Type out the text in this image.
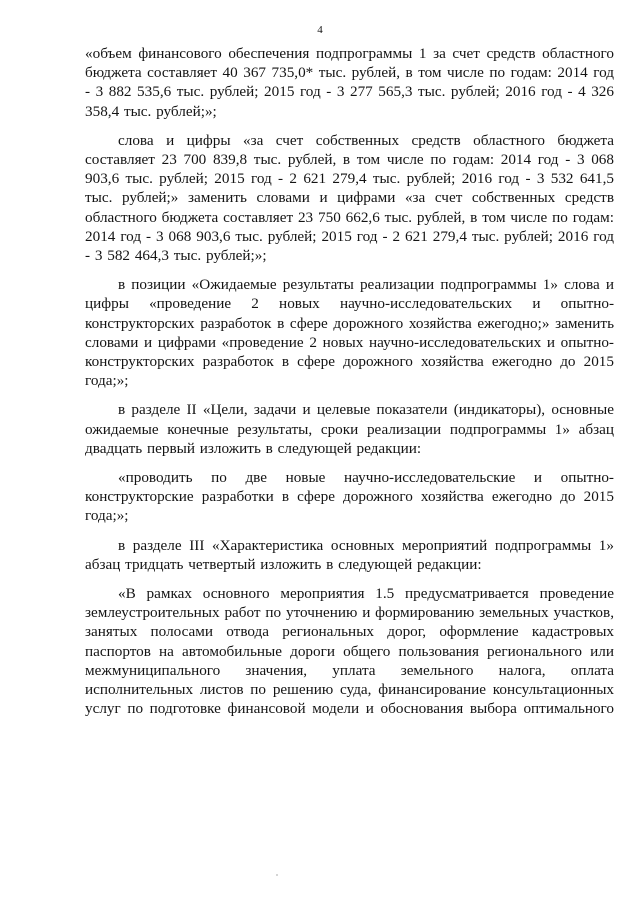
4

«объем финансового обеспечения подпрограммы 1 за счет средств областного бюджета составляет 40 367 735,0* тыс. рублей, в том числе по годам: 2014 год - 3 882 535,6 тыс. рублей; 2015 год - 3 277 565,3 тыс. рублей; 2016 год - 4 326 358,4 тыс. рублей;»;

слова и цифры «за счет собственных средств областного бюджета составляет 23 700 839,8 тыс. рублей, в том числе по годам: 2014 год - 3 068 903,6 тыс. рублей; 2015 год - 2 621 279,4 тыс. рублей; 2016 год - 3 532 641,5 тыс. рублей;» заменить словами и цифрами «за счет собственных средств областного бюджета составляет 23 750 662,6 тыс. рублей, в том числе по годам: 2014 год - 3 068 903,6 тыс. рублей; 2015 год - 2 621 279,4 тыс. рублей; 2016 год - 3 582 464,3 тыс. рублей;»;

в позиции «Ожидаемые результаты реализации подпрограммы 1» слова и цифры «проведение 2 новых научно-исследовательских и опытно-конструкторских разработок в сфере дорожного хозяйства ежегодно;» заменить словами и цифрами «проведение 2 новых научно-исследовательских и опытно-конструкторских разработок в сфере дорожного хозяйства ежегодно до 2015 года;»;

в разделе II «Цели, задачи и целевые показатели (индикаторы), основные ожидаемые конечные результаты, сроки реализации подпрограммы 1» абзац двадцать первый изложить в следующей редакции:

«проводить по две новые научно-исследовательские и опытно-конструкторские разработки в сфере дорожного хозяйства ежегодно до 2015 года;»;

в разделе III «Характеристика основных мероприятий подпрограммы 1» абзац тридцать четвертый изложить в следующей редакции:

«В рамках основного мероприятия 1.5 предусматривается проведение землеустроительных работ по уточнению и формированию земельных участков, занятых полосами отвода региональных дорог, оформление кадастровых паспортов на автомобильные дороги общего пользования регионального или межмуниципального значения, уплата земельного налога, оплата исполнительных листов по решению суда, финансирование консультационных услуг по подготовке финансовой модели и обоснования выбора оптимального
